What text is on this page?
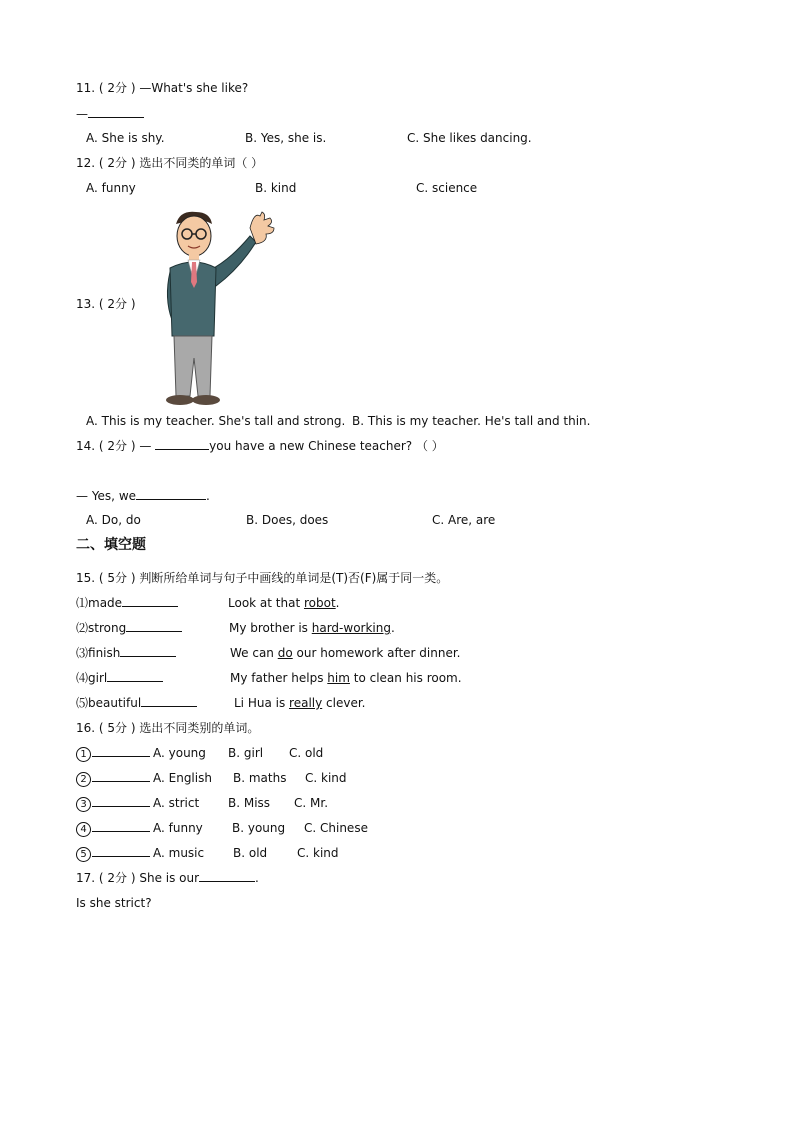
11. ( 2分 ) —What's she like?
—
A. She is shy.	B. Yes, she is.	C. She likes dancing.
12. ( 2分 ) 选出不同类的单词（ ）
A. funny	B. kind	C. science
13. ( 2分 )
A. This is my teacher. She's tall and strong. B. This is my teacher. He's tall and thin.
14. ( 2分 ) —	you have a new Chinese teacher? （ ）
— Yes, we	.
A. Do, do	B. Does, does	C. Are, are
二、填空题
15. ( 5分 ) 判断所给单词与句子中画线的单词是(T)否(F)属于同一类。
⑴made	Look at that robot.
⑵strong	My brother is hard-working.
⑶finish	We can do our homework after dinner.
⑷girl	My father helps him to clean his room.
⑸beautiful	Li Hua is really clever.
16. ( 5分 ) 选出不同类别的单词。
1	A. young B. girl C. old
2	A. English B. maths C. kind
3	A. strict B. Miss C. Mr.
4	A. funny B. young C. Chinese
5	A. music B. old C. kind
17. ( 2分 ) She is our	.
Is she strict?
